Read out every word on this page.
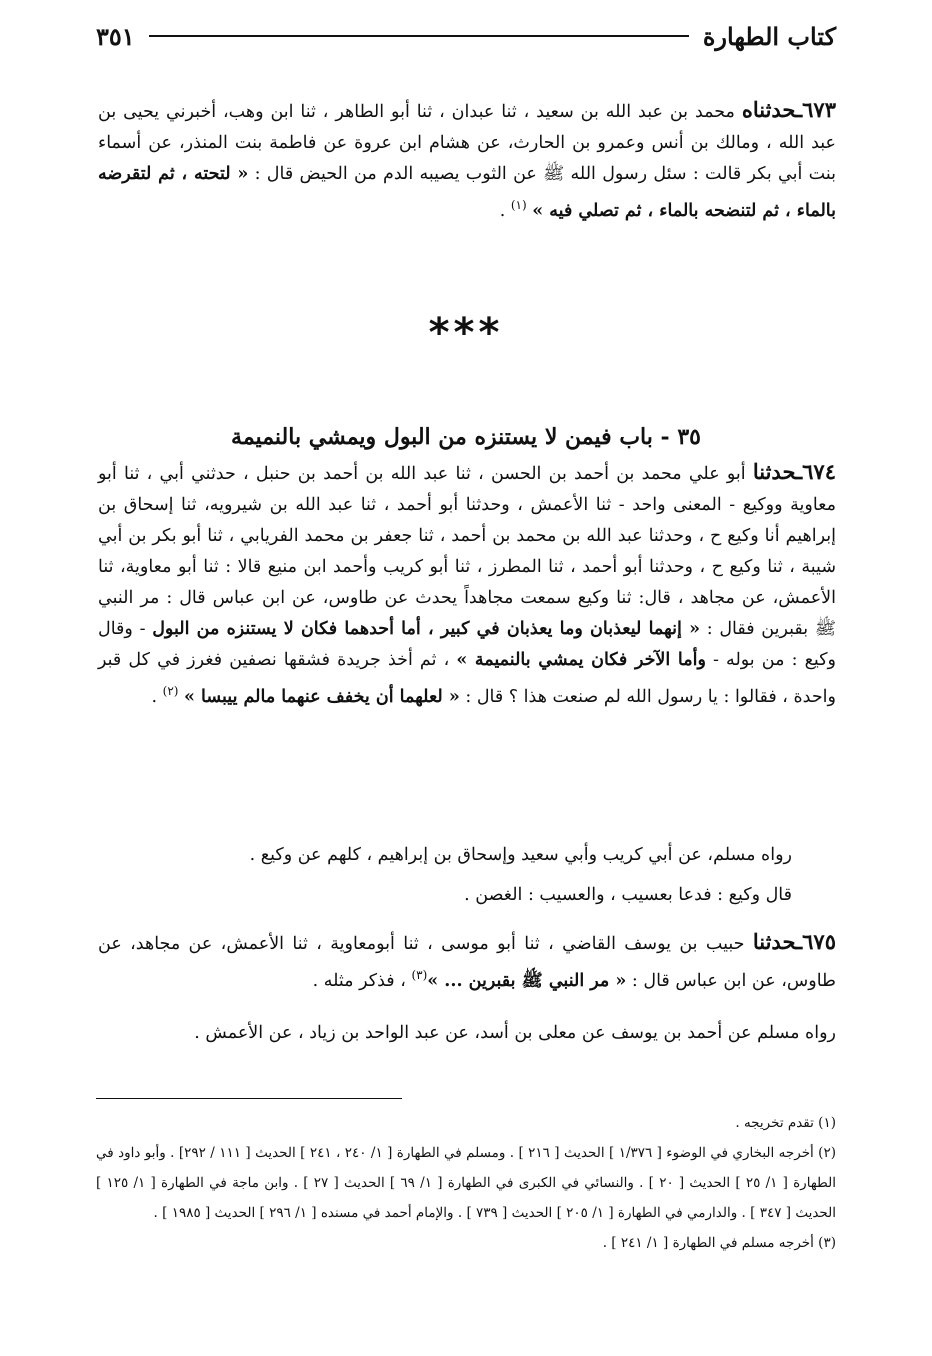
كتاب الطهارة
٣٥١
٦٧٣ـحدثناه محمد بن عبد الله بن سعيد ، ثنا عبدان ، ثنا أبو الطاهر ، ثنا ابن وهب، أخبرني يحيى بن عبد الله ، ومالك بن أنس وعمرو بن الحارث، عن هشام ابن عروة عن فاطمة بنت المنذر، عن أسماء بنت أبي بكر قالت : سئل رسول الله ﷺ عن الثوب يصيبه الدم من الحيض قال : « لتحته ، ثم لتقرضه بالماء ، ثم لتنضحه بالماء ، ثم تصلي فيه » $^{(١)}$ .
***
٣٥ - باب فيمن لا يستنزه من البول ويمشي بالنميمة
٦٧٤ـحدثنا أبو علي محمد بن أحمد بن الحسن ، ثنا عبد الله بن أحمد بن حنبل ، حدثني أبي ، ثنا أبو معاوية ووكيع - المعنى واحد - ثنا الأعمش ، وحدثنا أبو أحمد ، ثنا عبد الله بن شيرويه، ثنا إسحاق بن إبراهيم أنا وكيع ح ، وحدثنا عبد الله بن محمد بن أحمد ، ثنا جعفر بن محمد الفريابي ، ثنا أبو بكر بن أبي شيبة ، ثنا وكيع ح ، وحدثنا أبو أحمد ، ثنا المطرز ، ثنا أبو كريب وأحمد ابن منيع قالا : ثنا أبو معاوية، ثنا الأعمش، عن مجاهد ، قال: ثنا وكيع سمعت مجاهداً يحدث عن طاوس، عن ابن عباس قال : مر النبي ﷺ بقبرين فقال : « إنهما ليعذبان وما يعذبان في كبير ، أما أحدهما فكان لا يستنزه من البول - وقال وكيع : من بوله - وأما الآخر فكان يمشي بالنميمة » ، ثم أخذ جريدة فشقها نصفين فغرز في كل قبر واحدة ، فقالوا : يا رسول الله لم صنعت هذا ؟ قال : « لعلهما أن يخفف عنهما مالم ييبسا » $^{(٢)}$ .
رواه مسلم، عن أبي كريب وأبي سعيد وإسحاق بن إبراهيم ، كلهم عن وكيع .
قال وكيع : فدعا بعسيب ، والعسيب : الغصن .
٦٧٥ـحدثنا حبيب بن يوسف القاضي ، ثنا أبو موسى ، ثنا أبومعاوية ، ثنا الأعمش، عن مجاهد، عن طاوس، عن ابن عباس قال : « مر النبي ﷺ بقبرين ... »$^{(٣)}$ ، فذكر مثله .
رواه مسلم عن أحمد بن يوسف عن معلى بن أسد، عن عبد الواحد بن زياد ، عن الأعمش .
(١) تقدم تخريجه .
(٢) أخرجه البخاري في الوضوء [ ١/٣٧٦ ] الحديث [ ٢١٦ ] . ومسلم في الطهارة [ ١/ ٢٤٠ ، ٢٤١ ] الحديث [ ١١١ / ٢٩٢] . وأبو داود في الطهارة [ ١/ ٢٥ ] الحديث [ ٢٠ ] . والنسائي في الكبرى في الطهارة [ ١/ ٦٩ ] الحديث [ ٢٧ ] . وابن ماجة في الطهارة [ ١/ ١٢٥ ] الحديث [ ٣٤٧ ] . والدارمي في الطهارة [ ١/ ٢٠٥ ] الحديث [ ٧٣٩ ] . والإمام أحمد في مسنده [ ١/ ٢٩٦ ] الحديث [ ١٩٨٥ ] .
(٣) أخرجه مسلم في الطهارة [ ١/ ٢٤١ ] .
